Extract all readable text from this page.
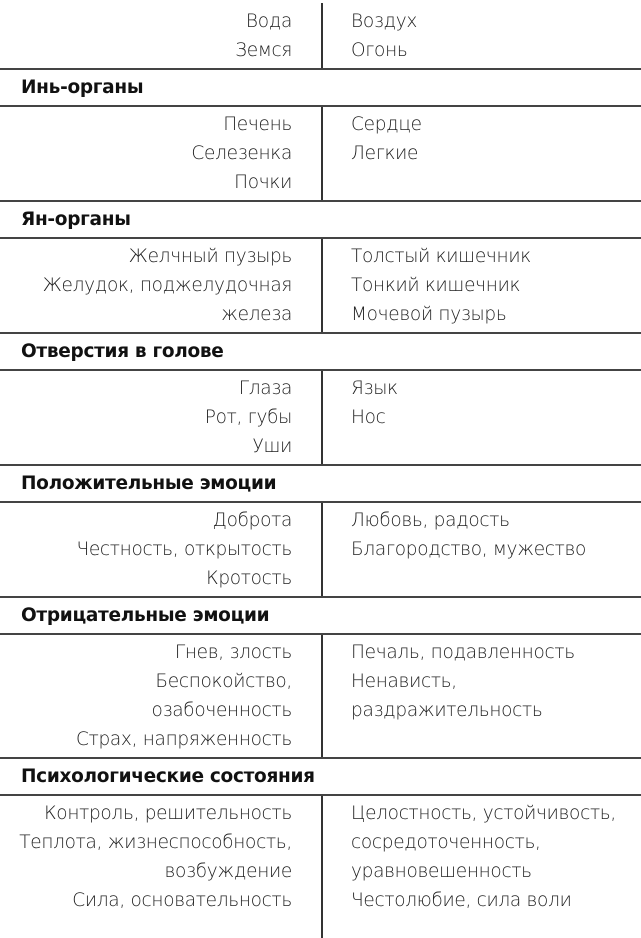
Вода	Воздух
Земся	Огонь
Инь-органы
Печень	Сердце
Селезенка	Легкие
Почки
Ян-органы
Желчный пузырь	Толстый кишечник
Желудок, поджелудочная	Тонкий кишечник
железа	Мочевой пузырь
Отверстия в голове
Глаза	Язык
Рот, губы	Нос
Уши
Положительные эмоции
Доброта	Любовь, радость
Честность, открытость	Благородство, мужество
Кротость
Отрицательные эмоции
Гнев, злость	Печаль, подавленность
Беспокойство,	Ненависть,
озабоченность	раздражительность
Страх, напряженность
Психологические состояния
Контроль, решительность	Целостность, устойчивость,
Теплота, жизнеспособность,	сосредоточенность,
возбуждение	уравновешенность
Сила, основательность	Честолюбие, сила воли
